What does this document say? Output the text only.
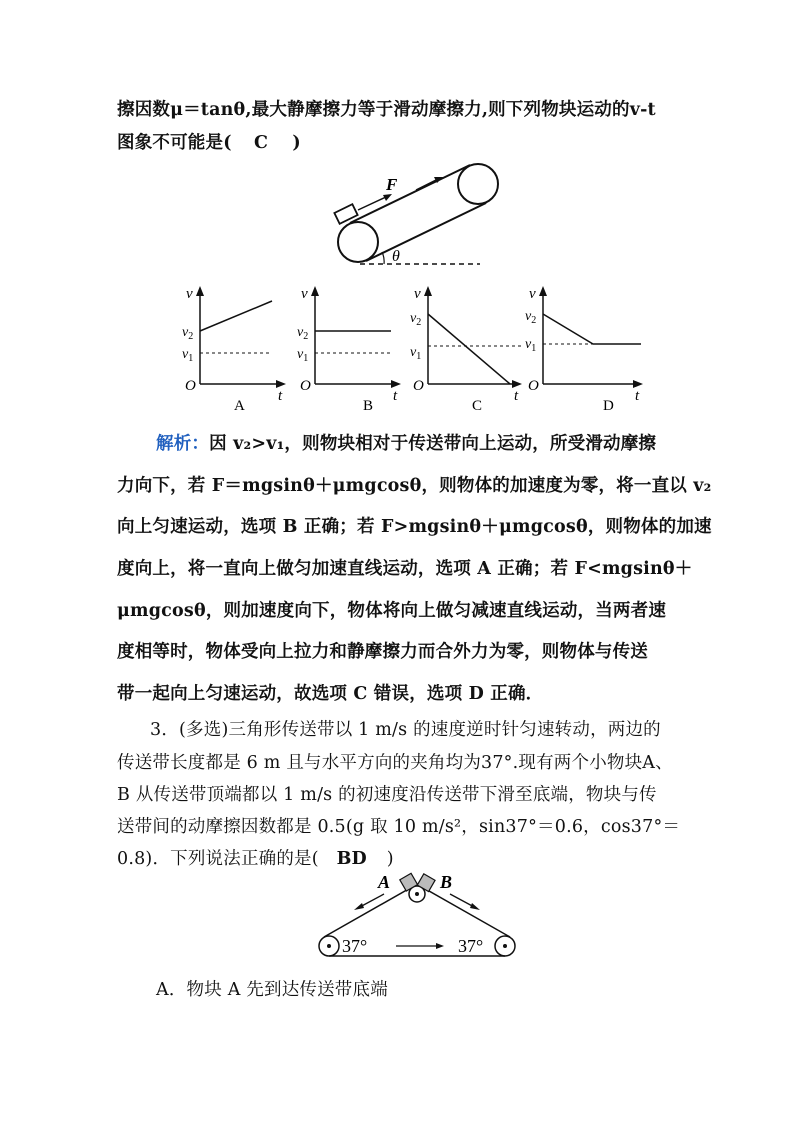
擦因数μ＝tanθ,最大静摩擦力等于滑动摩擦力,则下列物块运动的v-t
图象不可能是( C )
F
θ
v
t
O
$v_2$
$v_1$
A
v
t
O
$v_2$
$v_1$
B
v
t
O
$v_2$
$v_1$
C
v
t
O
$v_2$
$v_1$
D
解析：因 v₂>v₁，则物块相对于传送带向上运动，所受滑动摩擦
力向下，若 F＝mgsinθ＋μmgcosθ，则物体的加速度为零，将一直以 v₂
向上匀速运动，选项 B 正确；若 F>mgsinθ＋μmgcosθ，则物体的加速
度向上，将一直向上做匀加速直线运动，选项 A 正确；若 F<mgsinθ＋
μmgcosθ，则加速度向下，物体将向上做匀减速直线运动，当两者速
度相等时，物体受向上拉力和静摩擦力而合外力为零，则物体与传送
带一起向上匀速运动，故选项 C 错误，选项 D 正确．
3．(多选)三角形传送带以 1 m/s 的速度逆时针匀速转动，两边的
传送带长度都是 6 m 且与水平方向的夹角均为37°.现有两个小物块A、
B 从传送带顶端都以 1 m/s 的初速度沿传送带下滑至底端，物块与传
送带间的动摩擦因数都是 0.5(g 取 10 m/s²，sin37°＝0.6，cos37°＝
0.8)．下列说法正确的是( BD )
A	B
37°	37°
A．物块 A 先到达传送带底端
